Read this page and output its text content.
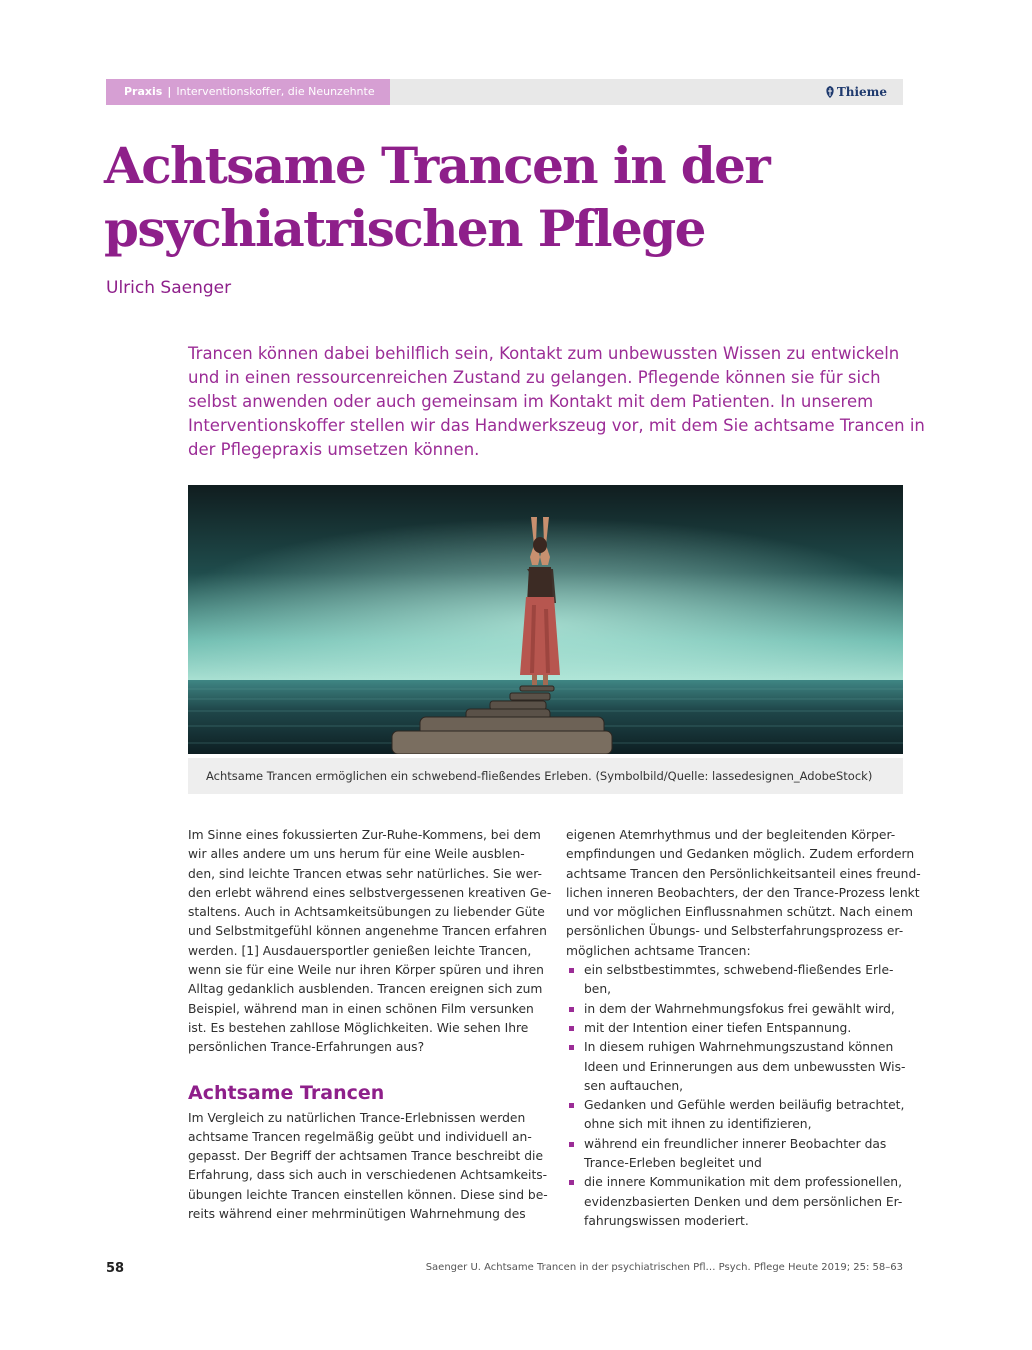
Praxis | Interventionskoffer, die Neunzehnte	Thieme
Achtsame Trancen in der
psychiatrischen Pflege
Ulrich Saenger
Trancen können dabei behilflich sein, Kontakt zum unbewussten Wissen zu entwickeln
und in einen ressourcenreichen Zustand zu gelangen. Pflegende können sie für sich
selbst anwenden oder auch gemeinsam im Kontakt mit dem Patienten. In unserem
Interventionskoffer stellen wir das Handwerkszeug vor, mit dem Sie achtsame Trancen in
der Pflegepraxis umsetzen können.
Achtsame Trancen ermöglichen ein schwebend-fließendes Erleben. (Symbolbild/Quelle: lassedesignen_AdobeStock)
Im Sinne eines fokussierten Zur-Ruhe-Kommens, bei dem
wir alles andere um uns herum für eine Weile ausblen-
den, sind leichte Trancen etwas sehr natürliches. Sie wer-
den erlebt während eines selbstvergessenen kreativen Ge-
staltens. Auch in Achtsamkeitsübungen zu liebender Güte
und Selbstmitgefühl können angenehme Trancen erfahren
werden. [1] Ausdauersportler genießen leichte Trancen,
wenn sie für eine Weile nur ihren Körper spüren und ihren
Alltag gedanklich ausblenden. Trancen ereignen sich zum
Beispiel, während man in einen schönen Film versunken
ist. Es bestehen zahllose Möglichkeiten. Wie sehen Ihre
persönlichen Trance-Erfahrungen aus?
Achtsame Trancen
Im Vergleich zu natürlichen Trance-Erlebnissen werden
achtsame Trancen regelmäßig geübt und individuell an-
gepasst. Der Begriff der achtsamen Trance beschreibt die
Erfahrung, dass sich auch in verschiedenen Achtsamkeits-
übungen leichte Trancen einstellen können. Diese sind be-
reits während einer mehrminütigen Wahrnehmung des
eigenen Atemrhythmus und der begleitenden Körper-
empfindungen und Gedanken möglich. Zudem erfordern
achtsame Trancen den Persönlichkeitsanteil eines freund-
lichen inneren Beobachters, der den Trance-Prozess lenkt
und vor möglichen Einflussnahmen schützt. Nach einem
persönlichen Übungs- und Selbsterfahrungsprozess er-
möglichen achtsame Trancen:
ein selbstbestimmtes, schwebend-fließendes Erle-
ben,
in dem der Wahrnehmungsfokus frei gewählt wird,
mit der Intention einer tiefen Entspannung.
In diesem ruhigen Wahrnehmungszustand können
Ideen und Erinnerungen aus dem unbewussten Wis-
sen auftauchen,
Gedanken und Gefühle werden beiläufig betrachtet,
ohne sich mit ihnen zu identifizieren,
während ein freundlicher innerer Beobachter das
Trance-Erleben begleitet und
die innere Kommunikation mit dem professionellen,
evidenzbasierten Denken und dem persönlichen Er-
fahrungswissen moderiert.
58	Saenger U. Achtsame Trancen in der psychiatrischen Pfl… Psych. Pflege Heute 2019; 25: 58–63
